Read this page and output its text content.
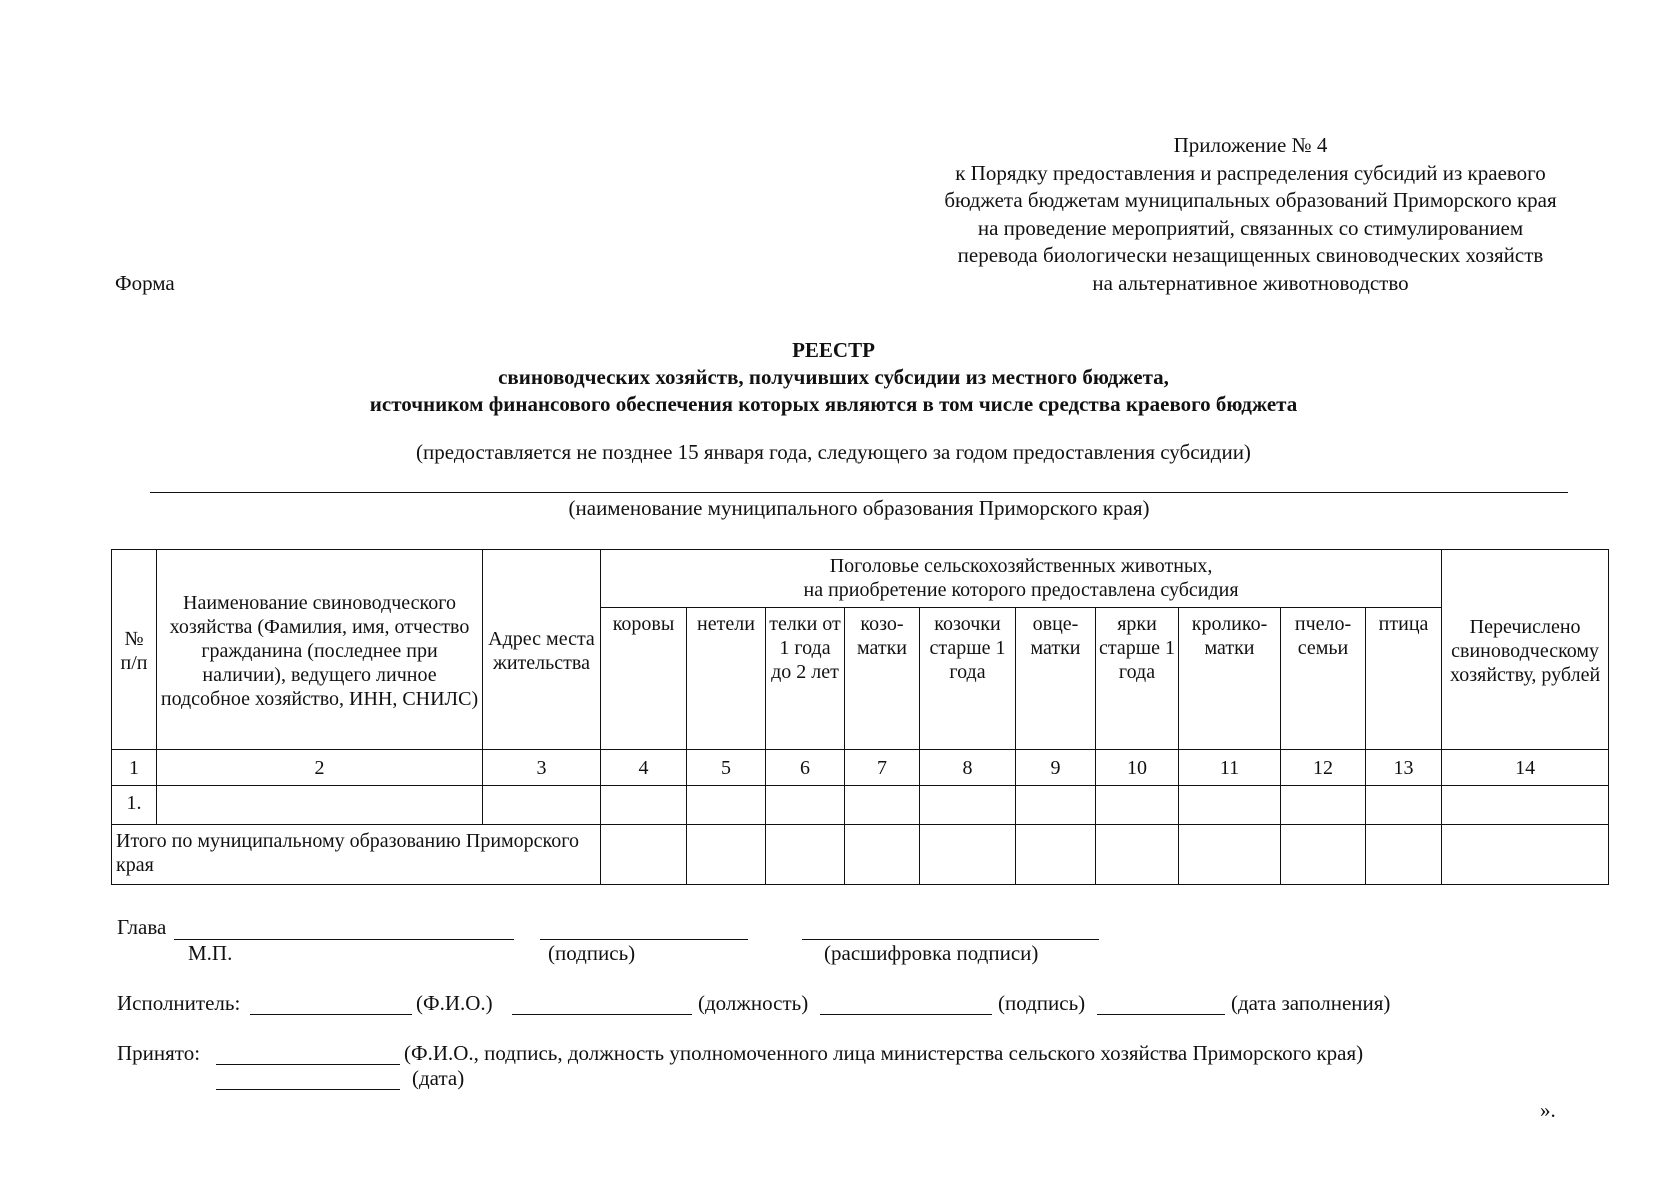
Приложение № 4
к Порядку предоставления и распределения субсидий из краевого
бюджета бюджетам муниципальных образований Приморского края
на проведение мероприятий, связанных со стимулированием
перевода биологически незащищенных свиноводческих хозяйств
на альтернативное животноводство
Форма
РЕЕСТР
свиноводческих хозяйств, получивших субсидии из местного бюджета,
источником финансового обеспечения которых являются в том числе средства краевого бюджета
(предоставляется не позднее 15 января года, следующего за годом предоставления субсидии)
(наименование муниципального образования Приморского края)
№ п/п	Наименование свиноводческого хозяйства (Фамилия, имя, отчество гражданина (последнее при наличии), ведущего личное подсобное хозяйство, ИНН, СНИЛС)	Адрес места жительства	Поголовье сельскохозяйственных животных,
на приобретение которого предоставлена субсидия										Перечислено свиноводческому хозяйству, рублей
			коровы	нетели	телки от 1 года до 2 лет	козо-матки	козочки старше 1 года	овце-матки	ярки старше 1 года	кролико-матки	пчело-семьи	птица	
1	2	3	4	5	6	7	8	9	10	11	12	13	14
1.													
Итого по муниципальному образованию Приморского края													
Глава
М.П.	(подпись)	(расшифровка подписи)
Исполнитель:	(Ф.И.О.)	(должность)	(подпись)	(дата заполнения)
Принято:	(Ф.И.О., подпись, должность уполномоченного лица министерства сельского хозяйства Приморского края)
(дата)
».
